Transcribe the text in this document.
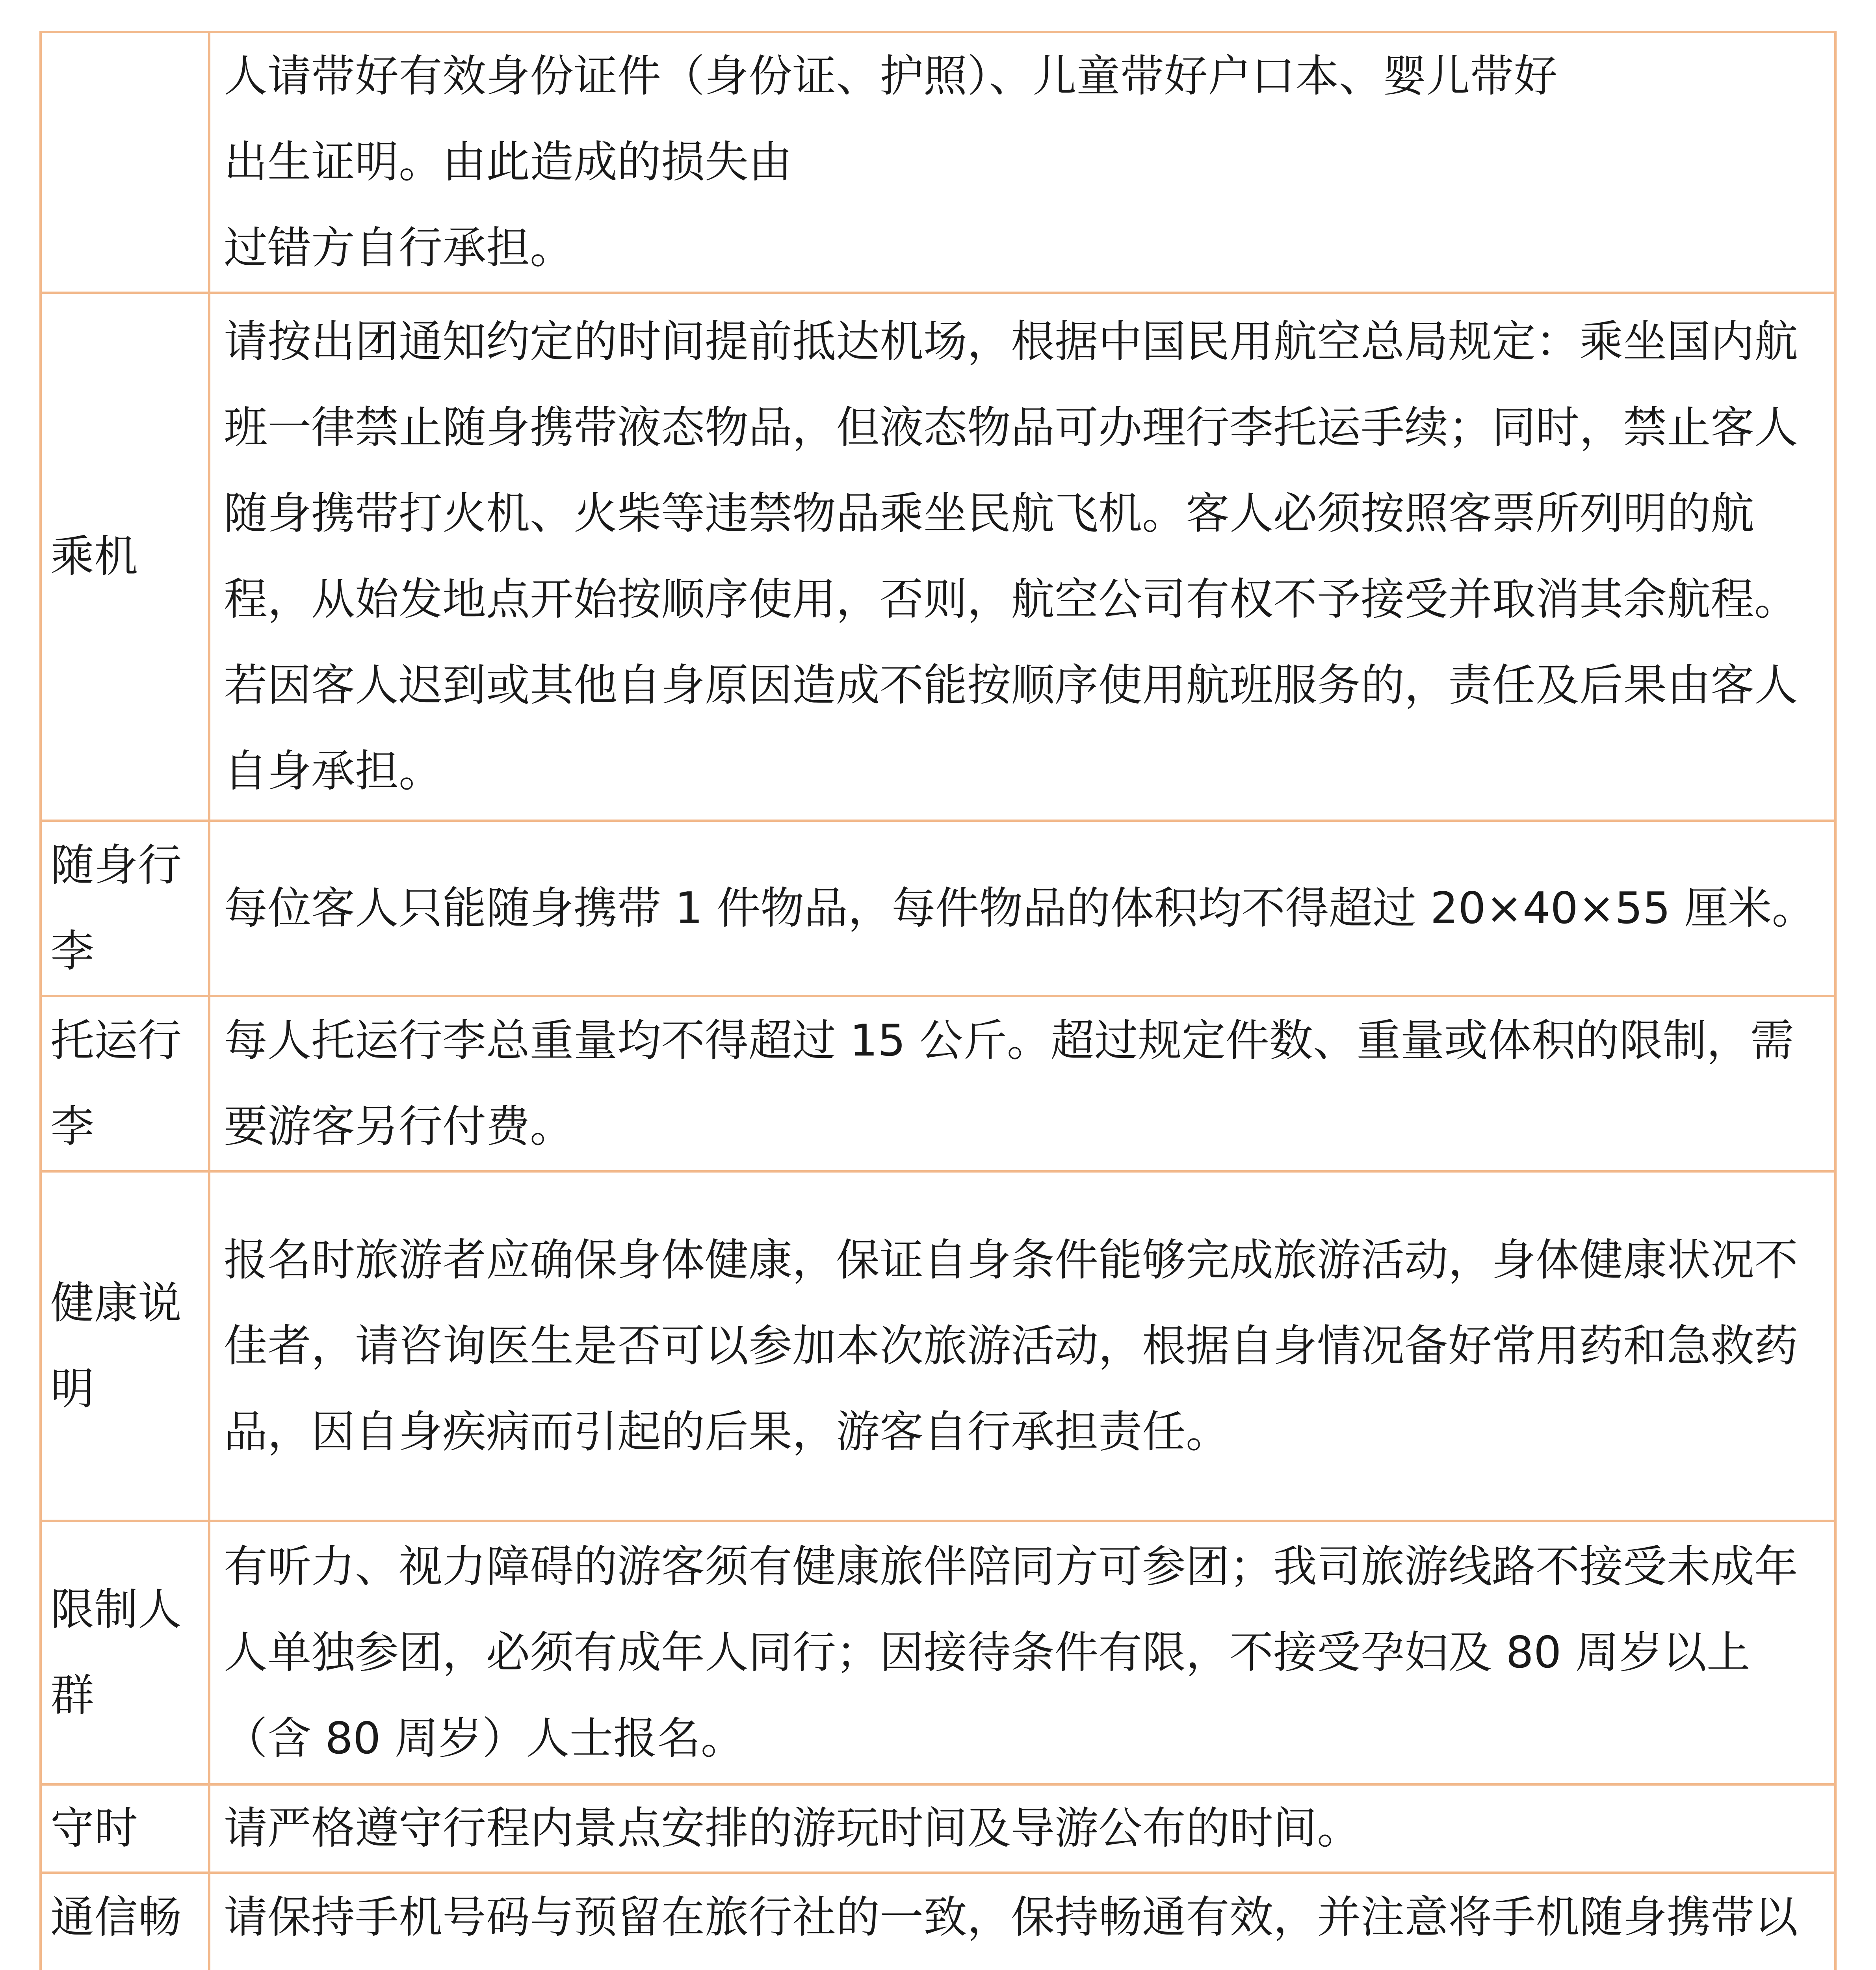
	人请带好有效身份证件（身份证、护照）、儿童带好户口本、婴儿带好

出生证明。由此造成的损失由

过错方自行承担。

乘机	请按出团通知约定的时间提前抵达机场，根据中国民用航空总局规定：乘坐国内航班一律禁止随身携带液态物品，但液态物品可办理行李托运手续；同时，禁止客人随身携带打火机、火柴等违禁物品乘坐民航飞机。客人必须按照客票所列明的航程，从始发地点开始按顺序使用，否则，航空公司有权不予接受并取消其余航程。若因客人迟到或其他自身原因造成不能按顺序使用航班服务的，责任及后果由客人自身承担。
随身行李	每位客人只能随身携带 1 件物品，每件物品的体积均不得超过 20×40×55 厘米。
托运行李	每人托运行李总重量均不得超过 15 公斤。超过规定件数、重量或体积的限制，需要游客另行付费。
健康说明	报名时旅游者应确保身体健康，保证自身条件能够完成旅游活动，身体健康状况不佳者，请咨询医生是否可以参加本次旅游活动，根据自身情况备好常用药和急救药品，因自身疾病而引起的后果，游客自行承担责任。
限制人群	有听力、视力障碍的游客须有健康旅伴陪同方可参团；我司旅游线路不接受未成年人单独参团，必须有成年人同行；因接待条件有限，不接受孕妇及 80 周岁以上（含 80 周岁）人士报名。
守时	请严格遵守行程内景点安排的游玩时间及导游公布的时间。
通信畅	请保持手机号码与预留在旅行社的一致，保持畅通有效，并注意将手机随身携带以
